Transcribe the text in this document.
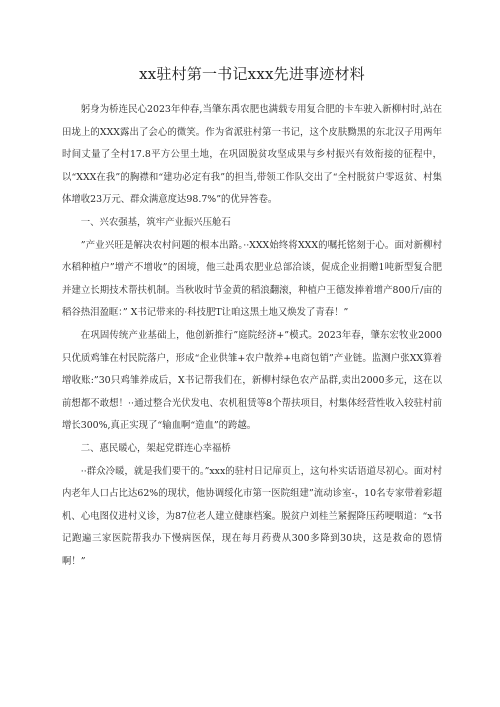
xx驻村第一书记xxx先进事迹材料

躬身为桥连民心2023年仲春,当肇东禹农肥也满载专用复合肥的卡车驶入新柳村时,站在田垅上的XXX露出了会心的微笑。作为省派驻村第一书记，这个皮肤黝黑的东北汉子用两年时间丈量了全村17.8平方公里土地，在巩固脱贫攻坚成果与乡村振兴有效衔接的征程中，以“XXX在我”的胸襟和“建功必定有我”的担当,带领工作队交出了“全村脱贫户零返贫、村集体增收23万元、群众满意度达98.7%”的优异答卷。

一、兴农强基，筑牢产业振兴压舱石

”产业兴旺是解决农村问题的根本出路。··XXX始终将XXX的嘱托铭刻于心。面对新柳村水稻种植户”增产不增收”的困境，他三赴禹农肥业总部洽谈，促成企业捐赠1吨新型复合肥并建立长期技术帮扶机制。当秋收时节金黄的稻浪翻滚，种植户王德发捧着增产800斤/亩的稻谷热泪盈眶：” X书记带来的·科技肥T让咱这黑土地又焕发了青春！”

在巩固传统产业基础上，他创新推行”庭院经济+”模式。2023年春，肇东宏牧业2000只优质鸡雏在村民院落户，形成“企业供雏+农户散养+电商包销”产业链。监测户张XX算着增收账:”30只鸡雏养成后，X书记帮我们在，新柳村绿色农产品群,卖出2000多元，这在以前想都不敢想！··通过整合光伏发电、农机租赁等8个帮扶项目，村集体经营性收入较驻村前增长300%,真正实现了“输血啊“造血”的跨越。

二、惠民暖心，架起党群连心幸福桥

··群众冷暖，就是我们要干的。”xxx的驻村日记扉页上，这句朴实话语道尽初心。面对村内老年人口占比达62%的现状，他协调绥化市第一医院组建”流动诊室-，10名专家带着彩超机、心电图仪进村义诊，为87位老人建立健康档案。脱贫户刘桂兰紧握降压药哽咽道：“x书记跑遍三家医院帮我办下慢病医保，现在每月药费从300多降到30块，这是救命的恩情啊！”
